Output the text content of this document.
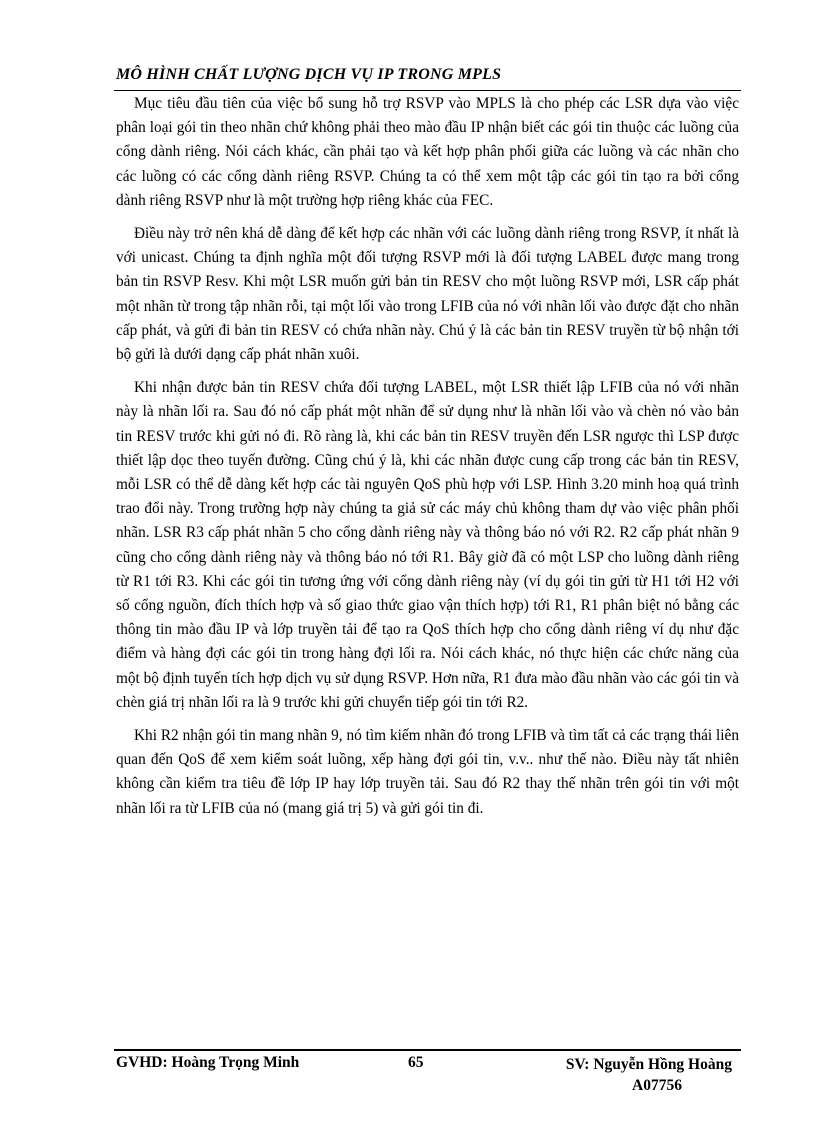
MÔ HÌNH CHẤT LƯỢNG DỊCH VỤ IP TRONG MPLS

Mục tiêu đầu tiên của việc bổ sung hỗ trợ RSVP vào MPLS là cho phép các LSR dựa vào việc phân loại gói tin theo nhãn chứ không phải theo mào đầu IP nhận biết các gói tin thuộc các luồng của cổng dành riêng. Nói cách khác, cần phải tạo và kết hợp phân phối giữa các luồng và các nhãn cho các luồng có các cổng dành riêng RSVP. Chúng ta có thể xem một tập các gói tin tạo ra bởi cổng dành riêng RSVP như là một trường hợp riêng khác của FEC.

Điều này trở nên khá dễ dàng để kết hợp các nhãn với các luồng dành riêng trong RSVP, ít nhất là với unicast. Chúng ta định nghĩa một đối tượng RSVP mới là đối tượng LABEL được mang trong bản tin RSVP Resv. Khi một LSR muốn gửi bản tin RESV cho một luồng RSVP mới, LSR cấp phát một nhãn từ trong tập nhãn rỗi, tại một lối vào trong LFIB của nó với nhãn lối vào được đặt cho nhãn cấp phát, và gửi đi bản tin RESV có chứa nhãn này. Chú ý là các bản tin RESV truyền từ bộ nhận tới bộ gửi là dưới dạng cấp phát nhãn xuôi.

Khi nhận được bản tin RESV chứa đối tượng LABEL, một LSR thiết lập LFIB của nó với nhãn này là nhãn lối ra. Sau đó nó cấp phát một nhãn để sử dụng như là nhãn lối vào và chèn nó vào bản tin RESV trước khi gửi nó đi. Rõ ràng là, khi các bản tin RESV truyền đến LSR ngược thì LSP được thiết lập dọc theo tuyến đường. Cũng chú ý là, khi các nhãn được cung cấp trong các bản tin RESV, mỗi LSR có thể dễ dàng kết hợp các tài nguyên QoS phù hợp với LSP. Hình 3.20 minh hoạ quá trình trao đổi này. Trong trường hợp này chúng ta giả sử các máy chủ không tham dự vào việc phân phối nhãn. LSR R3 cấp phát nhãn 5 cho cổng dành riêng này và thông báo nó với R2. R2 cấp phát nhãn 9 cũng cho cổng dành riêng này và thông báo nó tới R1. Bây giờ đã có một LSP cho luồng dành riêng từ R1 tới R3. Khi các gói tin tương ứng với cổng dành riêng này (ví dụ gói tin gửi từ H1 tới H2 với số cổng nguồn, đích thích hợp và số giao thức giao vận thích hợp) tới R1, R1 phân biệt nó bằng các thông tin mào đầu IP và lớp truyền tải để tạo ra QoS thích hợp cho cổng dành riêng ví dụ như đặc điểm và hàng đợi các gói tin trong hàng đợi lối ra. Nói cách khác, nó thực hiện các chức năng của một bộ định tuyến tích hợp dịch vụ sử dụng RSVP. Hơn nữa, R1 đưa mào đầu nhãn vào các gói tin và chèn giá trị nhãn lối ra là 9 trước khi gửi chuyển tiếp gói tin tới R2.

Khi R2 nhận gói tin mang nhãn 9, nó tìm kiếm nhãn đó trong LFIB và tìm tất cả các trạng thái liên quan đến QoS để xem kiểm soát luồng, xếp hàng đợi gói tin, v.v.. như thế nào. Điều này tất nhiên không cần kiểm tra tiêu đề lớp IP hay lớp truyền tải. Sau đó R2 thay thế nhãn trên gói tin với một nhãn lối ra từ LFIB của nó (mang giá trị 5) và gửi gói tin đi.

GVHD: Hoàng Trọng Minh	65	SV: Nguyễn Hồng Hoàng
A07756
